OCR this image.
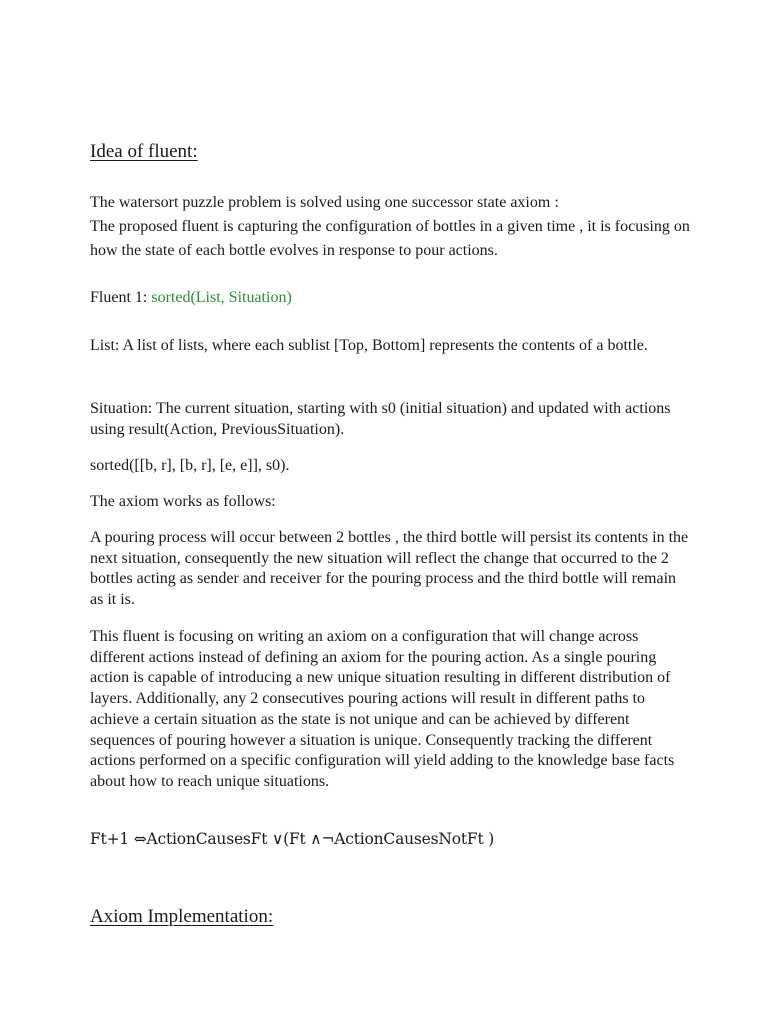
Idea of fluent:

The watersort puzzle problem is solved using one successor state axiom :

The proposed fluent is capturing the configuration of bottles in a given time , it is focusing on how the state of each bottle evolves in response to pour actions.

Fluent 1: sorted(List, Situation)

List: A list of lists, where each sublist [Top, Bottom] represents the contents of a bottle.

Situation: The current situation, starting with s0 (initial situation) and updated with actions using result(Action, PreviousSituation).

sorted([[b, r], [b, r], [e, e]], s0).

The axiom works as follows:

A pouring process will occur between 2 bottles , the third bottle will persist its contents in the next situation, consequently the new situation will reflect the change that occurred to the 2 bottles acting as sender and receiver for the pouring process and the third bottle will remain as it is.

This fluent is focusing on writing an axiom on a configuration that will change across different actions instead of defining an axiom for the pouring action. As a single pouring action is capable of introducing a new unique situation resulting in different distribution of layers. Additionally, any 2 consecutives pouring actions will result in different paths to achieve a certain situation as the state is not unique and can be achieved by different sequences of pouring however a situation is unique. Consequently tracking the different actions performed on a specific configuration will yield adding to the knowledge base facts about how to reach unique situations.

Ft+1 ⇔ActionCausesFt ∨(Ft ∧¬ActionCausesNotFt )

Axiom Implementation:
